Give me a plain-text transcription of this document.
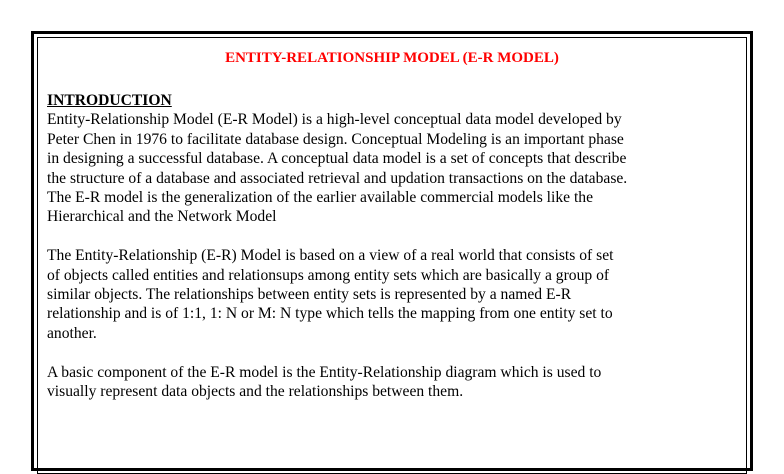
ENTITY-RELATIONSHIP MODEL (E-R MODEL)

INTRODUCTION

Entity-Relationship Model (E-R Model) is a high-level conceptual data model developed by
Peter Chen in 1976 to facilitate database design. Conceptual Modeling is an important phase
in designing a successful database. A conceptual data model is a set of concepts that describe
the structure of a database and associated retrieval and updation transactions on the database.
The E-R model is the generalization of the earlier available commercial models like the
Hierarchical and the Network Model

The Entity-Relationship (E-R) Model is based on a view of a real world that consists of set
of objects called entities and relationsups among entity sets which are basically a group of
similar objects. The relationships between entity sets is represented by a named E-R
relationship and is of 1:1, 1: N or M: N type which tells the mapping from one entity set to
another.

A basic component of the E-R model is the Entity-Relationship diagram which is used to
visually represent data objects and the relationships between them.
